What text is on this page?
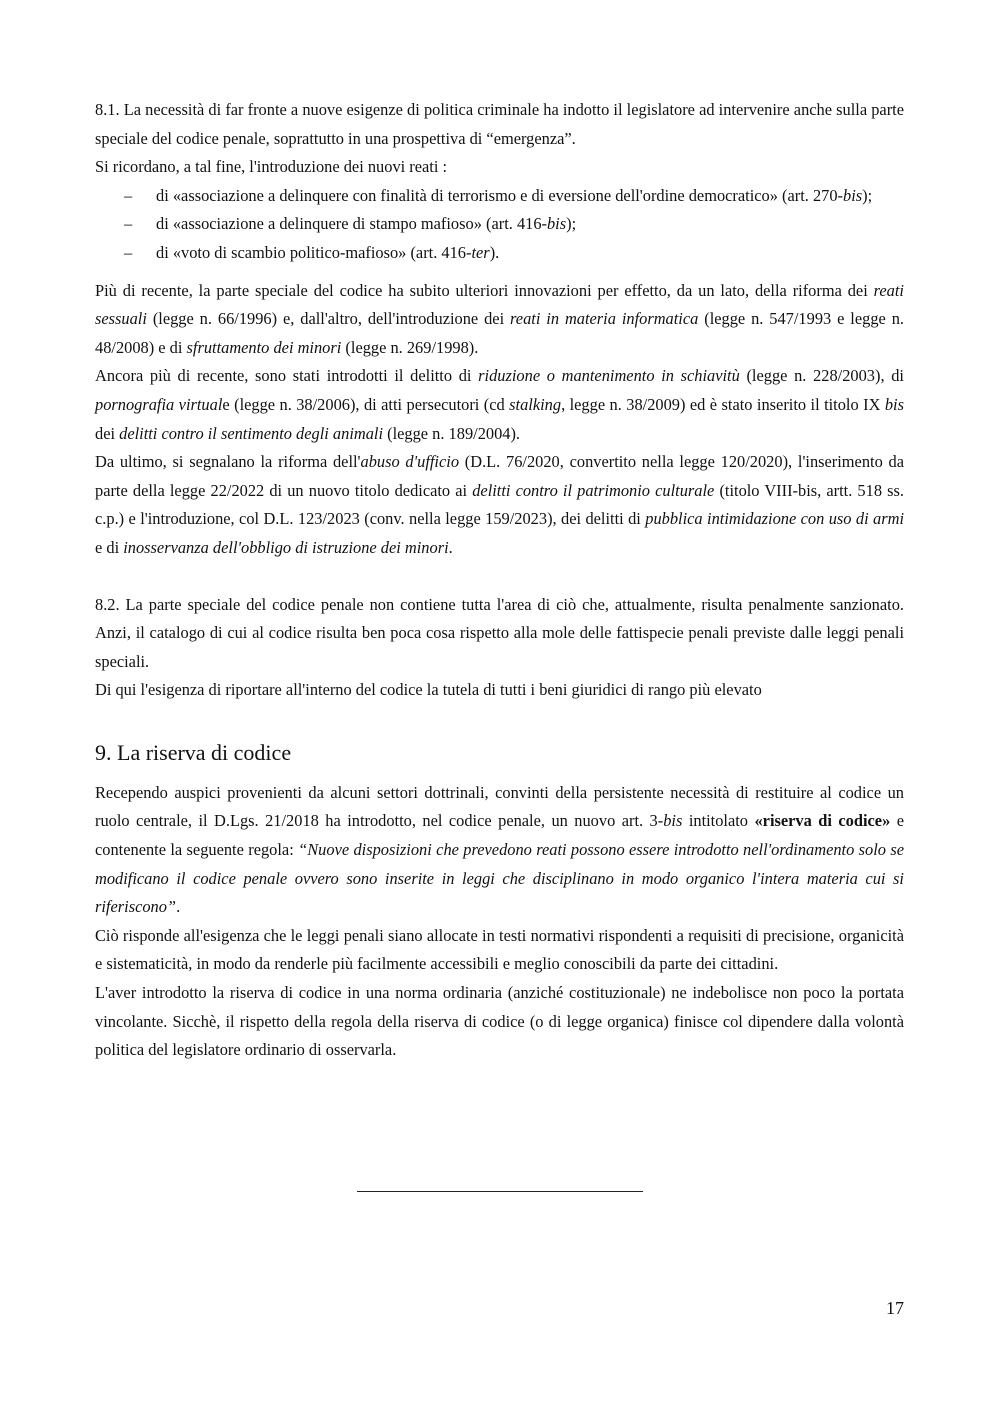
8.1. La necessità di far fronte a nuove esigenze di politica criminale ha indotto il legislatore ad intervenire anche sulla parte speciale del codice penale, soprattutto in una prospettiva di “emergenza”.

Si ricordano, a tal fine, l'introduzione dei nuovi reati :

– di «associazione a delinquere con finalità di terrorismo e di eversione dell'ordine democratico» (art. 270-bis);
– di «associazione a delinquere di stampo mafioso» (art. 416-bis);
– di «voto di scambio politico-mafioso» (art. 416-ter).

Più di recente, la parte speciale del codice ha subito ulteriori innovazioni per effetto, da un lato, della riforma dei reati sessuali (legge n. 66/1996) e, dall'altro, dell'introduzione dei reati in materia informatica (legge n. 547/1993 e legge n. 48/2008) e di sfruttamento dei minori (legge n. 269/1998).

Ancora più di recente, sono stati introdotti il delitto di riduzione o mantenimento in schiavitù (legge n. 228/2003), di pornografia virtuale (legge n. 38/2006), di atti persecutori (cd stalking, legge n. 38/2009) ed è stato inserito il titolo IX bis dei delitti contro il sentimento degli animali (legge n. 189/2004).

Da ultimo, si segnalano la riforma dell'abuso d'ufficio (D.L. 76/2020, convertito nella legge 120/2020), l'inserimento da parte della legge 22/2022 di un nuovo titolo dedicato ai delitti contro il patrimonio culturale (titolo VIII-bis, artt. 518 ss. c.p.) e l'introduzione, col D.L. 123/2023 (conv. nella legge 159/2023), dei delitti di pubblica intimidazione con uso di armi e di inosservanza dell'obbligo di istruzione dei minori.

8.2. La parte speciale del codice penale non contiene tutta l'area di ciò che, attualmente, risulta penalmente sanzionato. Anzi, il catalogo di cui al codice risulta ben poca cosa rispetto alla mole delle fattispecie penali previste dalle leggi penali speciali.

Di qui l'esigenza di riportare all'interno del codice la tutela di tutti i beni giuridici di rango più elevato

9. La riserva di codice

Recependo auspici provenienti da alcuni settori dottrinali, convinti della persistente necessità di restituire al codice un ruolo centrale, il D.Lgs. 21/2018 ha introdotto, nel codice penale, un nuovo art. 3-bis intitolato «riserva di codice» e contenente la seguente regola: “Nuove disposizioni che prevedono reati possono essere introdotto nell'ordinamento solo se modificano il codice penale ovvero sono inserite in leggi che disciplinano in modo organico l'intera materia cui si riferiscono”.

Ciò risponde all'esigenza che le leggi penali siano allocate in testi normativi rispondenti a requisiti di precisione, organicità e sistematicità, in modo da renderle più facilmente accessibili e meglio conoscibili da parte dei cittadini.

L'aver introdotto la riserva di codice in una norma ordinaria (anziché costituzionale) ne indebolisce non poco la portata vincolante. Sicchè, il rispetto della regola della riserva di codice (o di legge organica) finisce col dipendere dalla volontà politica del legislatore ordinario di osservarla.

17
